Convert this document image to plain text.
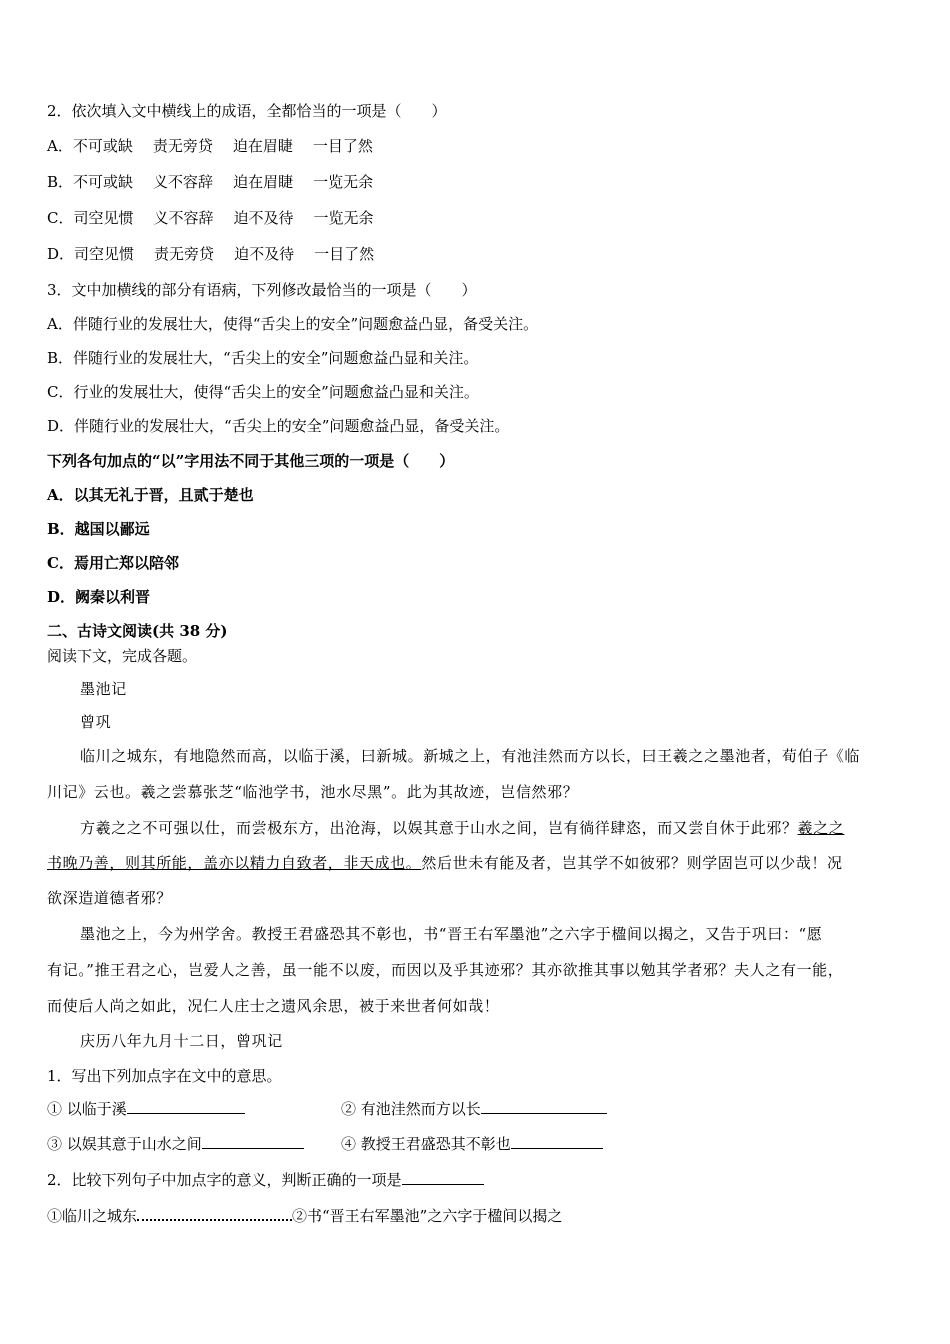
2．依次填入文中横线上的成语，全都恰当的一项是（　　）
A．不可或缺 责无旁贷 迫在眉睫 一目了然
B．不可或缺 义不容辞 迫在眉睫 一览无余
C．司空见惯 义不容辞 迫不及待 一览无余
D．司空见惯 责无旁贷 迫不及待 一目了然
3．文中加横线的部分有语病，下列修改最恰当的一项是（　　）
A．伴随行业的发展壮大，使得“舌尖上的安全”问题愈益凸显，备受关注。
B．伴随行业的发展壮大，“舌尖上的安全”问题愈益凸显和关注。
C．行业的发展壮大，使得“舌尖上的安全”问题愈益凸显和关注。
D．伴随行业的发展壮大，“舌尖上的安全”问题愈益凸显，备受关注。
下列各句加点的“以”字用法不同于其他三项的一项是（　　）
A．以其无礼于晋，且贰于楚也
B．越国以鄙远
C．焉用亡郑以陪邻
D．阙秦以利晋
二、古诗文阅读(共 38 分)
阅读下文，完成各题。
墨池记
曾巩
临川之城东，有地隐然而高，以临于溪，曰新城。新城之上，有池洼然而方以长，曰王羲之之墨池者，荀伯子《临
川记》云也。羲之尝慕张芝“临池学书，池水尽黑”。此为其故迹，岂信然邪？
方羲之之不可强以仕，而尝极东方，出沧海，以娱其意于山水之间，岂有徜徉肆恣，而又尝自休于此邪？羲之之
书晚乃善，则其所能，盖亦以精力自致者，非天成也。然后世未有能及者，岂其学不如彼邪？则学固岂可以少哉！况
欲深造道德者邪？
墨池之上，今为州学舍。教授王君盛恐其不彰也，书“晋王右军墨池”之六字于楹间以揭之，又告于巩曰：“愿
有记。”推王君之心，岂爱人之善，虽一能不以废，而因以及乎其迹邪？其亦欲推其事以勉其学者邪？夫人之有一能，
而使后人尚之如此，况仁人庄士之遗风余思，被于来世者何如哉！
庆历八年九月十二日，曾巩记
1．写出下列加点字在文中的意思。
① 以临于溪	② 有池洼然而方以长
③ 以娱其意于山水之间	④ 教授王君盛恐其不彰也
2．比较下列句子中加点字的意义，判断正确的一项是
①临川之城东	②书“晋王右军墨池”之六字于楹间以揭之
